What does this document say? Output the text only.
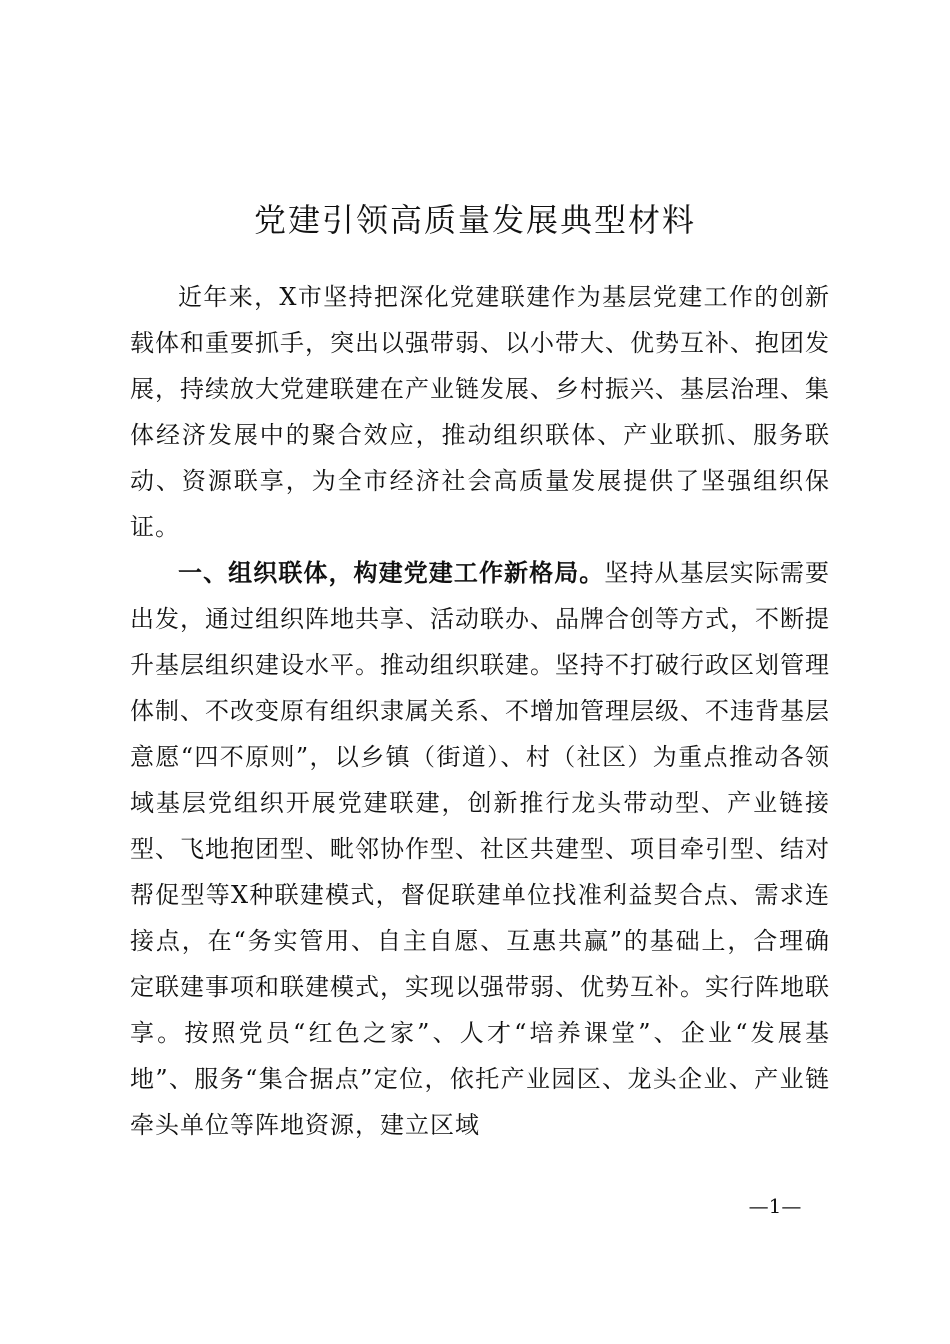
党建引领高质量发展典型材料

近年来，X市坚持把深化党建联建作为基层党建工作的创新载体和重要抓手，突出以强带弱、以小带大、优势互补、抱团发展，持续放大党建联建在产业链发展、乡村振兴、基层治理、集体经济发展中的聚合效应，推动组织联体、产业联抓、服务联动、资源联享，为全市经济社会高质量发展提供了坚强组织保证。

一、组织联体，构建党建工作新格局。坚持从基层实际需要出发，通过组织阵地共享、活动联办、品牌合创等方式，不断提升基层组织建设水平。推动组织联建。坚持不打破行政区划管理体制、不改变原有组织隶属关系、不增加管理层级、不违背基层意愿“四不原则”，以乡镇（街道）、村（社区）为重点推动各领域基层党组织开展党建联建，创新推行龙头带动型、产业链接型、飞地抱团型、毗邻协作型、社区共建型、项目牵引型、结对帮促型等X种联建模式，督促联建单位找准利益契合点、需求连接点，在“务实管用、自主自愿、互惠共赢”的基础上，合理确定联建事项和联建模式，实现以强带弱、优势互补。实行阵地联享。按照党员“红色之家”、人才“培养课堂”、企业“发展基地”、服务“集合据点”定位，依托产业园区、龙头企业、产业链牵头单位等阵地资源，建立区域

—1—
